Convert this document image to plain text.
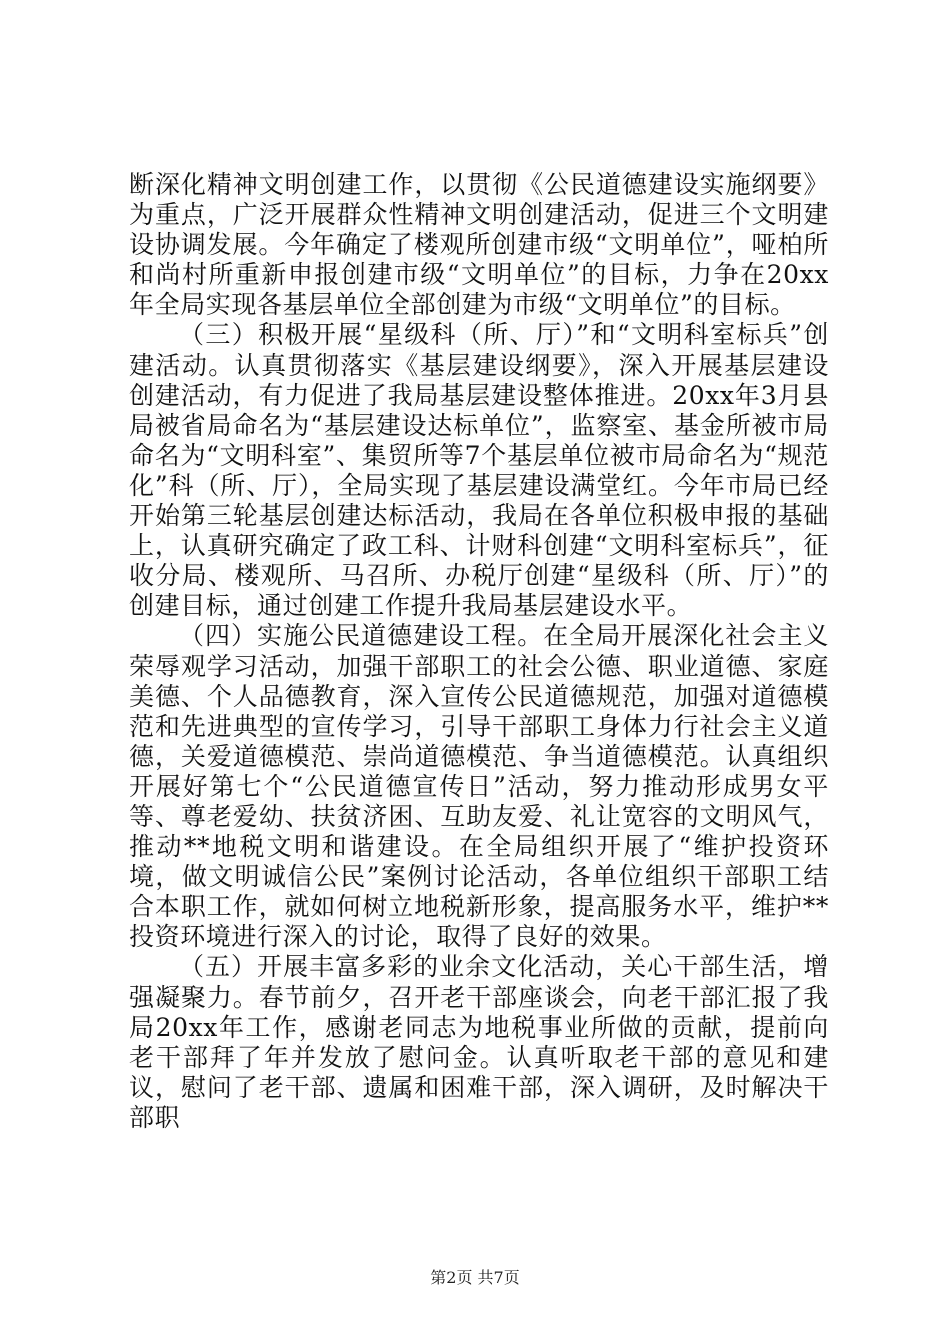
断深化精神文明创建工作，以贯彻《公民道德建设实施纲要》为重点，广泛开展群众性精神文明创建活动，促进三个文明建设协调发展。今年确定了楼观所创建市级“文明单位”，哑柏所和尚村所重新申报创建市级“文明单位”的目标，力争在20xx年全局实现各基层单位全部创建为市级“文明单位”的目标。

（三）积极开展“星级科（所、厅）”和“文明科室标兵”创建活动。认真贯彻落实《基层建设纲要》，深入开展基层建设创建活动，有力促进了我局基层建设整体推进。20xx年3月县局被省局命名为“基层建设达标单位”，监察室、基金所被市局命名为“文明科室”、集贸所等7个基层单位被市局命名为“规范化”科（所、厅），全局实现了基层建设满堂红。今年市局已经开始第三轮基层创建达标活动，我局在各单位积极申报的基础上，认真研究确定了政工科、计财科创建“文明科室标兵”，征收分局、楼观所、马召所、办税厅创建“星级科（所、厅）”的创建目标，通过创建工作提升我局基层建设水平。

（四）实施公民道德建设工程。在全局开展深化社会主义荣辱观学习活动，加强干部职工的社会公德、职业道德、家庭美德、个人品德教育，深入宣传公民道德规范，加强对道德模范和先进典型的宣传学习，引导干部职工身体力行社会主义道德，关爱道德模范、崇尚道德模范、争当道德模范。认真组织开展好第七个“公民道德宣传日”活动，努力推动形成男女平等、尊老爱幼、扶贫济困、互助友爱、礼让宽容的文明风气，推动**地税文明和谐建设。在全局组织开展了“维护投资环境，做文明诚信公民”案例讨论活动，各单位组织干部职工结合本职工作，就如何树立地税新形象，提高服务水平，维护**投资环境进行深入的讨论，取得了良好的效果。

（五）开展丰富多彩的业余文化活动，关心干部生活，增强凝聚力。春节前夕，召开老干部座谈会，向老干部汇报了我局20xx年工作，感谢老同志为地税事业所做的贡献，提前向老干部拜了年并发放了慰问金。认真听取老干部的意见和建议，慰问了老干部、遗属和困难干部，深入调研，及时解决干部职

第2页 共7页
